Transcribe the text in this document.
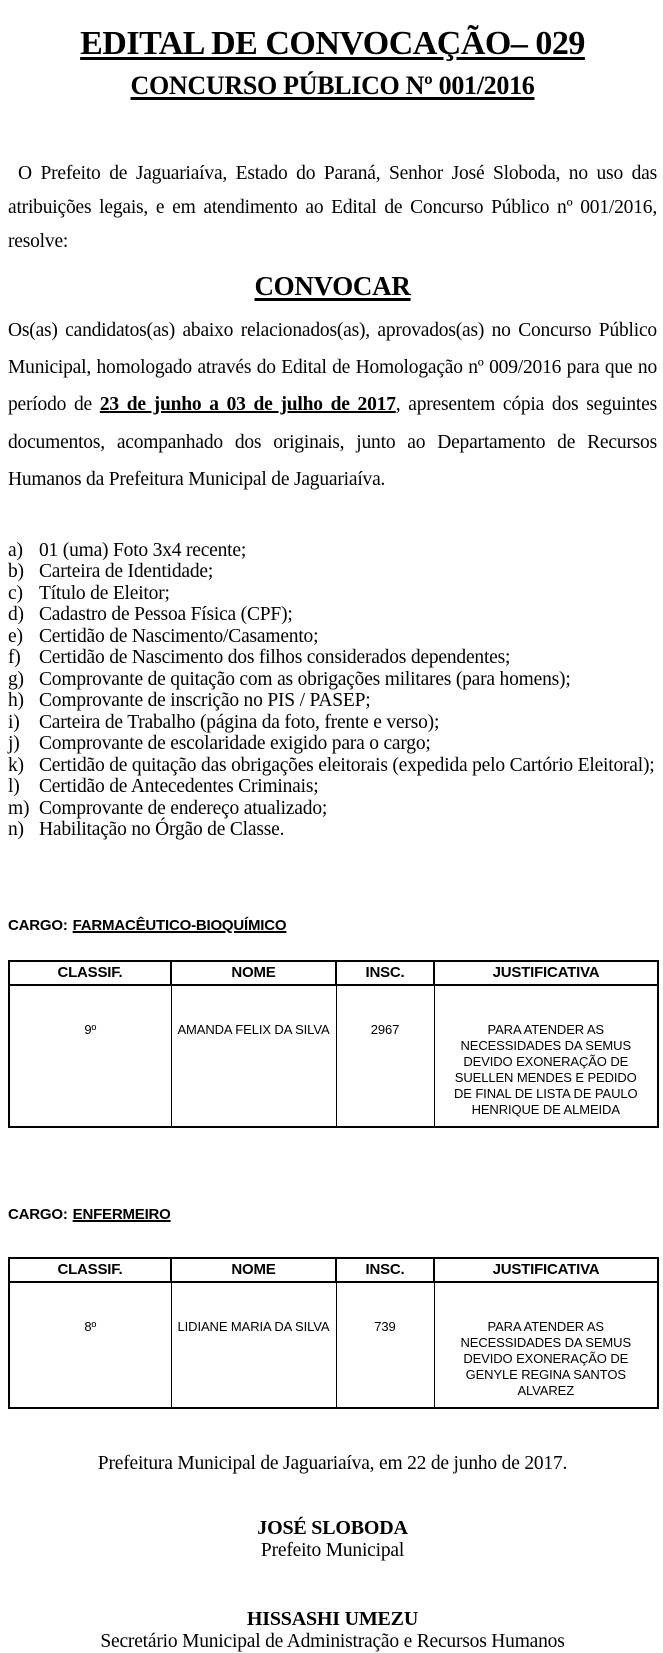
EDITAL DE CONVOCAÇÃO– 029
CONCURSO PÚBLICO Nº 001/2016

O Prefeito de Jaguariaíva, Estado do Paraná, Senhor José Sloboda, no uso das atribuições legais, e em atendimento ao Edital de Concurso Público nº 001/2016, resolve:

CONVOCAR

Os(as) candidatos(as) abaixo relacionados(as), aprovados(as) no Concurso Público Municipal, homologado através do Edital de Homologação nº 009/2016 para que no período de 23 de junho a 03 de julho de 2017, apresentem cópia dos seguintes documentos, acompanhado dos originais, junto ao Departamento de Recursos Humanos da Prefeitura Municipal de Jaguariaíva.

a) 01 (uma) Foto 3x4 recente;
b) Carteira de Identidade;
c) Título de Eleitor;
d) Cadastro de Pessoa Física (CPF);
e) Certidão de Nascimento/Casamento;
f) Certidão de Nascimento dos filhos considerados dependentes;
g) Comprovante de quitação com as obrigações militares (para homens);
h) Comprovante de inscrição no PIS / PASEP;
i) Carteira de Trabalho (página da foto, frente e verso);
j) Comprovante de escolaridade exigido para o cargo;
k) Certidão de quitação das obrigações eleitorais (expedida pelo Cartório Eleitoral);
l) Certidão de Antecedentes Criminais;
m) Comprovante de endereço atualizado;
n) Habilitação no Órgão de Classe.

CARGO: FARMACÊUTICO-BIOQUÍMICO

CLASSIF.	NOME	INSC.	JUSTIFICATIVA
9º	AMANDA FELIX DA SILVA	2967	PARA ATENDER AS NECESSIDADES DA SEMUS DEVIDO EXONERAÇÃO DE SUELLEN MENDES E PEDIDO DE FINAL DE LISTA DE PAULO HENRIQUE DE ALMEIDA

CARGO: ENFERMEIRO

CLASSIF.	NOME	INSC.	JUSTIFICATIVA
8º	LIDIANE MARIA DA SILVA	739	PARA ATENDER AS NECESSIDADES DA SEMUS DEVIDO EXONERAÇÃO DE GENYLE REGINA SANTOS ALVAREZ

Prefeitura Municipal de Jaguariaíva, em 22 de junho de 2017.

JOSÉ SLOBODA
Prefeito Municipal
HISSASHI UMEZU
Secretário Municipal de Administração e Recursos Humanos
